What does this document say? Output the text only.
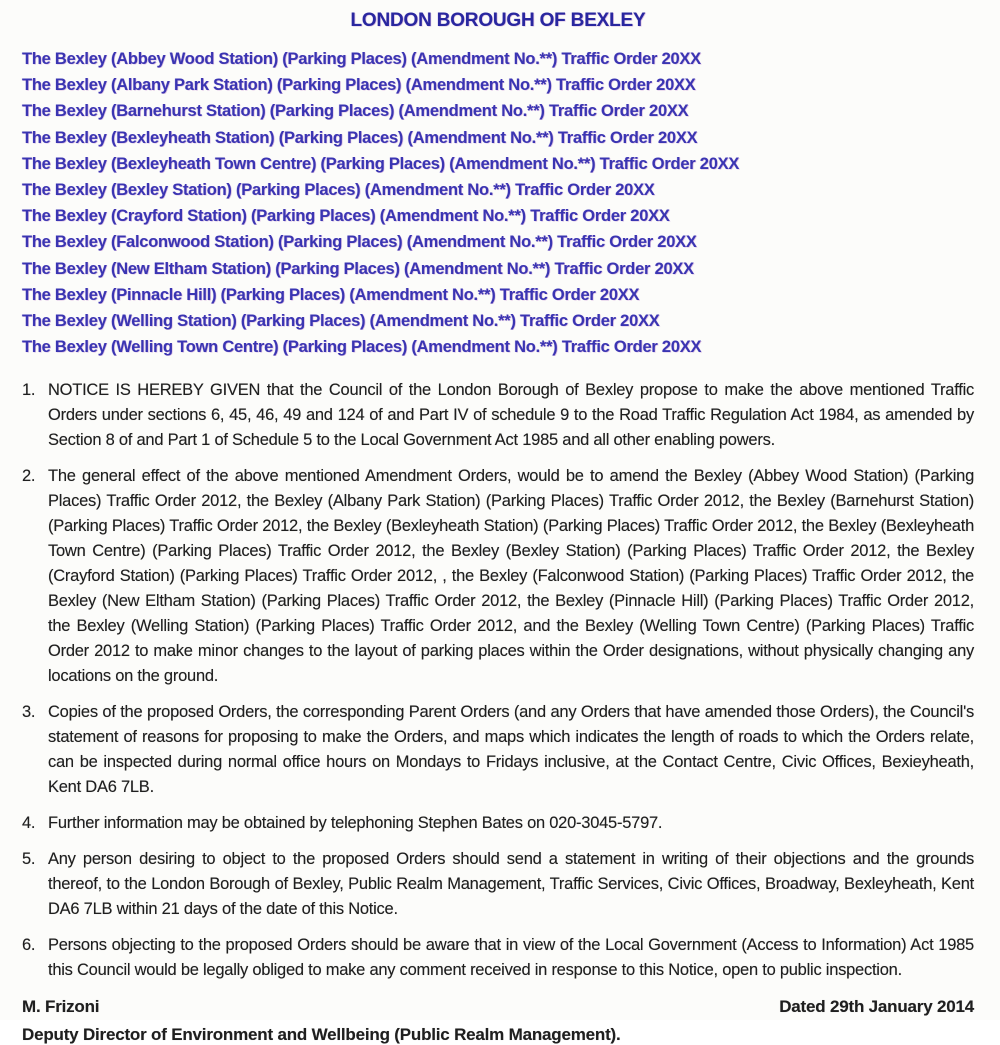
LONDON BOROUGH OF BEXLEY
The Bexley (Abbey Wood Station) (Parking Places) (Amendment No.**) Traffic Order 20XX
The Bexley (Albany Park Station) (Parking Places) (Amendment No.**) Traffic Order 20XX
The Bexley (Barnehurst Station) (Parking Places) (Amendment No.**) Traffic Order 20XX
The Bexley (Bexleyheath Station) (Parking Places) (Amendment No.**) Traffic Order 20XX
The Bexley (Bexleyheath Town Centre) (Parking Places) (Amendment No.**) Traffic Order 20XX
The Bexley (Bexley Station) (Parking Places) (Amendment No.**) Traffic Order 20XX
The Bexley (Crayford Station) (Parking Places) (Amendment No.**) Traffic Order 20XX
The Bexley (Falconwood Station) (Parking Places) (Amendment No.**) Traffic Order 20XX
The Bexley (New Eltham Station) (Parking Places) (Amendment No.**) Traffic Order 20XX
The Bexley (Pinnacle Hill) (Parking Places) (Amendment No.**) Traffic Order 20XX
The Bexley (Welling Station) (Parking Places) (Amendment No.**) Traffic Order 20XX
The Bexley (Welling Town Centre) (Parking Places) (Amendment No.**) Traffic Order 20XX
1. NOTICE IS HEREBY GIVEN that the Council of the London Borough of Bexley propose to make the above mentioned Traffic Orders under sections 6, 45, 46, 49 and 124 of and Part IV of schedule 9 to the Road Traffic Regulation Act 1984, as amended by Section 8 of and Part 1 of Schedule 5 to the Local Government Act 1985 and all other enabling powers.
2. The general effect of the above mentioned Amendment Orders, would be to amend the Bexley (Abbey Wood Station) (Parking Places) Traffic Order 2012, the Bexley (Albany Park Station) (Parking Places) Traffic Order 2012, the Bexley (Barnehurst Station) (Parking Places) Traffic Order 2012, the Bexley (Bexleyheath Station) (Parking Places) Traffic Order 2012, the Bexley (Bexleyheath Town Centre) (Parking Places) Traffic Order 2012, the Bexley (Bexley Station) (Parking Places) Traffic Order 2012, the Bexley (Crayford Station) (Parking Places) Traffic Order 2012, , the Bexley (Falconwood Station) (Parking Places) Traffic Order 2012, the Bexley (New Eltham Station) (Parking Places) Traffic Order 2012, the Bexley (Pinnacle Hill) (Parking Places) Traffic Order 2012, the Bexley (Welling Station) (Parking Places) Traffic Order 2012, and the Bexley (Welling Town Centre) (Parking Places) Traffic Order 2012 to make minor changes to the layout of parking places within the Order designations, without physically changing any locations on the ground.
3. Copies of the proposed Orders, the corresponding Parent Orders (and any Orders that have amended those Orders), the Council's statement of reasons for proposing to make the Orders, and maps which indicates the length of roads to which the Orders relate, can be inspected during normal office hours on Mondays to Fridays inclusive, at the Contact Centre, Civic Offices, Bexieyheath, Kent DA6 7LB.
4. Further information may be obtained by telephoning Stephen Bates on 020-3045-5797.
5. Any person desiring to object to the proposed Orders should send a statement in writing of their objections and the grounds thereof, to the London Borough of Bexley, Public Realm Management, Traffic Services, Civic Offices, Broadway, Bexleyheath, Kent DA6 7LB within 21 days of the date of this Notice.
6. Persons objecting to the proposed Orders should be aware that in view of the Local Government (Access to Information) Act 1985 this Council would be legally obliged to make any comment received in response to this Notice, open to public inspection.
M. Frizoni	Dated 29th January 2014
Deputy Director of Environment and Wellbeing (Public Realm Management).
